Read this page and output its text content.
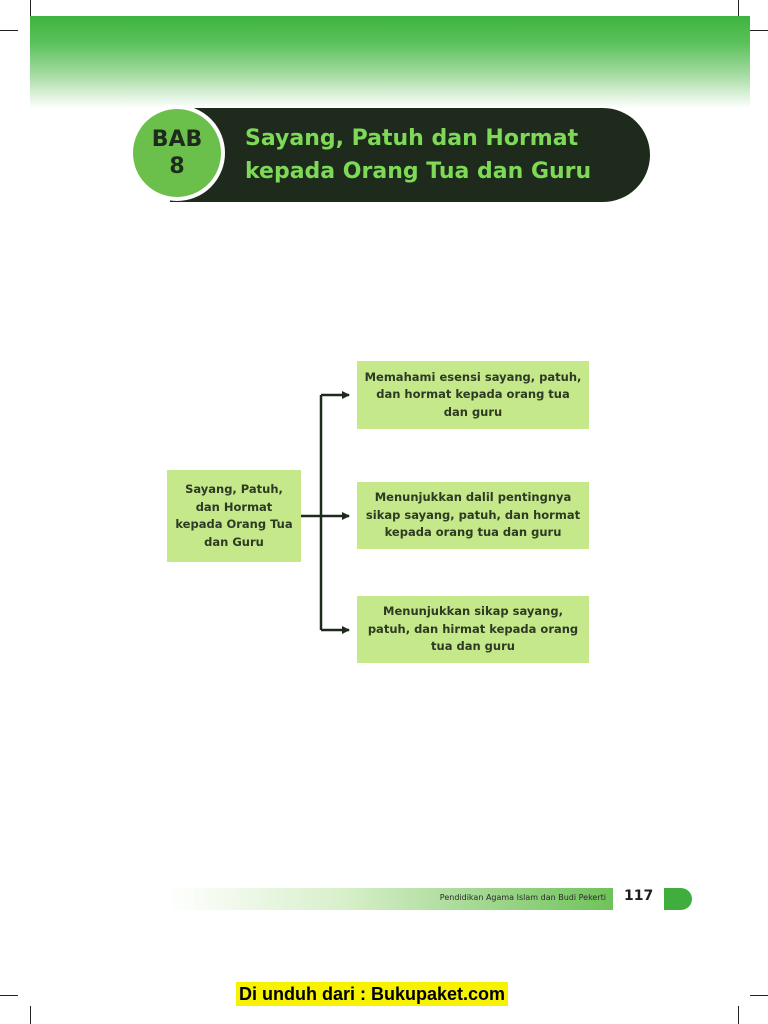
BAB
8
Sayang, Patuh dan Hormat
kepada Orang Tua dan Guru
Sayang, Patuh, dan Hormat kepada Orang Tua dan Guru
Memahami esensi sayang, patuh, dan hormat kepada orang tua dan guru
Menunjukkan dalil pentingnya sikap sayang, patuh, dan hormat kepada orang tua dan guru
Menunjukkan sikap sayang, patuh, dan hirmat kepada orang tua dan guru
Pendidikan Agama Islam dan Budi Pekerti 117
Di unduh dari : Bukupaket.com
